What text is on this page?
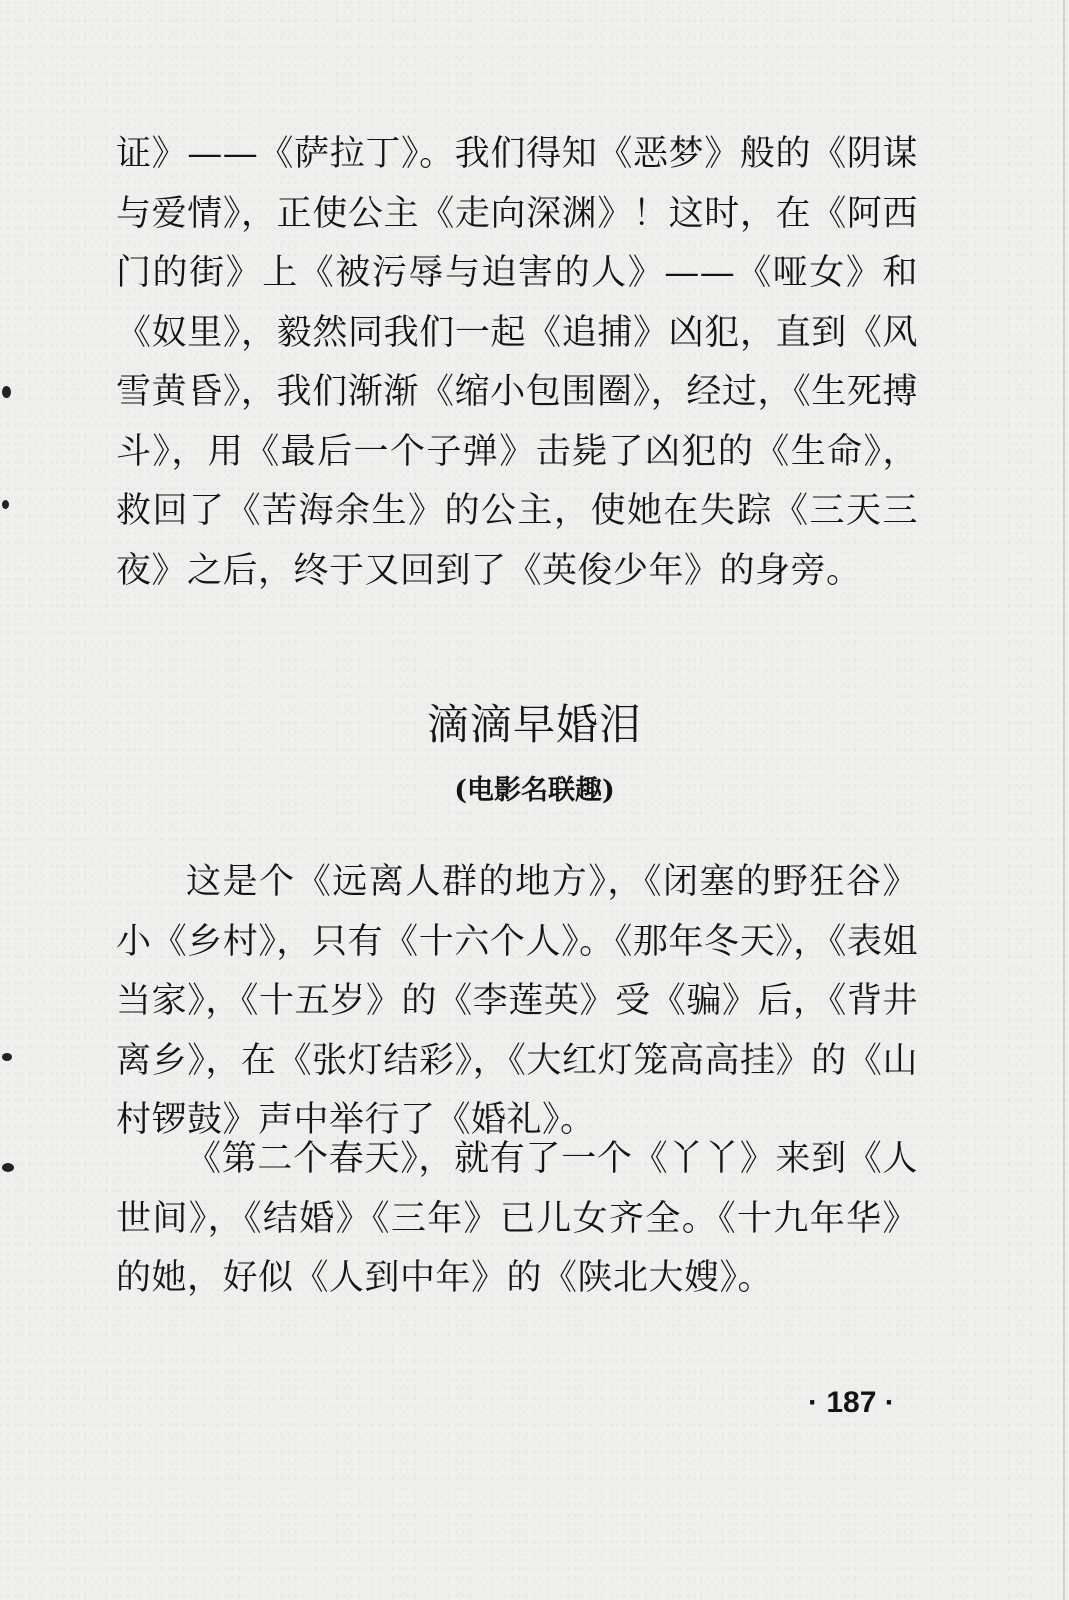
证》——《萨拉丁》。我们得知《恶梦》般的《阴谋
与爱情》，正使公主《走向深渊》！这时，在《阿西
门的街》上《被污辱与迫害的人》——《哑女》和
《奴里》，毅然同我们一起《追捕》凶犯，直到《风
雪黄昏》，我们渐渐《缩小包围圈》，经过，《生死搏
斗》，用《最后一个子弹》击毙了凶犯的《生命》，
救回了《苦海余生》的公主，使她在失踪《三天三
夜》之后，终于又回到了《英俊少年》的身旁。
滴滴早婚泪
(电影名联趣)
这是个《远离人群的地方》，《闭塞的野狂谷》
小《乡村》，只有《十六个人》。《那年冬天》，《表姐
当家》，《十五岁》的《李莲英》受《骗》后，《背井
离乡》，在《张灯结彩》，《大红灯笼高高挂》的《山
村锣鼓》声中举行了《婚礼》。
《第二个春天》，就有了一个《丫丫》来到《人
世间》，《结婚》《三年》已儿女齐全。《十九年华》
的她，好似《人到中年》的《陕北大嫂》。
· 187 ·
